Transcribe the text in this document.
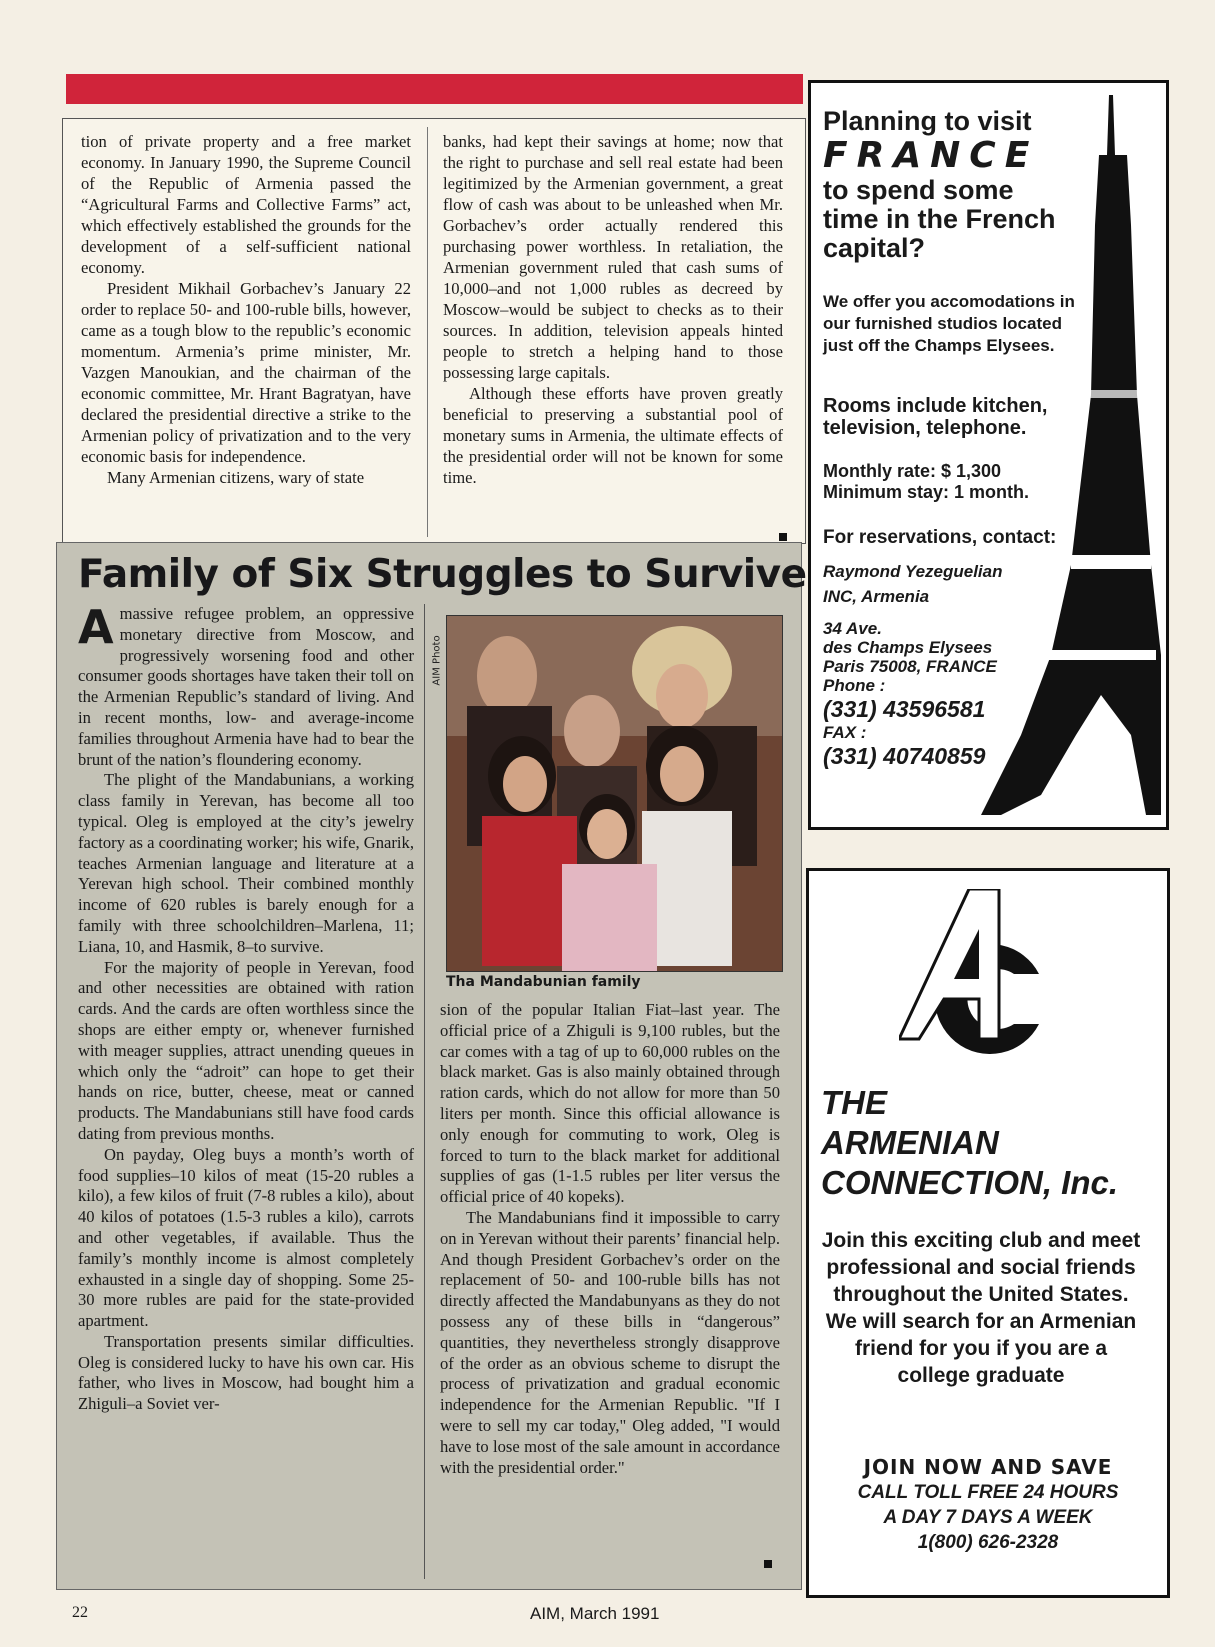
tion of private property and a free market economy. In January 1990, the Supreme Council of the Republic of Armenia passed the “Agricultural Farms and Collective Farms” act, which effectively established the grounds for the development of a self-sufficient national economy.

President Mikhail Gorbachev’s January 22 order to replace 50- and 100-ruble bills, however, came as a tough blow to the republic’s economic momentum. Armenia’s prime minister, Mr. Vazgen Manoukian, and the chairman of the economic committee, Mr. Hrant Bagratyan, have declared the presidential directive a strike to the Armenian policy of privatization and to the very economic basis for independence.

Many Armenian citizens, wary of state

banks, had kept their savings at home; now that the right to purchase and sell real estate had been legitimized by the Armenian government, a great flow of cash was about to be unleashed when Mr. Gorbachev’s order actually rendered this purchasing power worthless. In retaliation, the Armenian government ruled that cash sums of 10,000–and not 1,000 rubles as decreed by Moscow–would be subject to checks as to their sources. In addition, television appeals hinted people to stretch a helping hand to those possessing large capitals.

Although these efforts have proven greatly beneficial to preserving a substantial pool of monetary sums in Armenia, the ultimate effects of the presidential order will not be known for some time.

Family of Six Struggles to Survive

A massive refugee problem, an oppressive monetary directive from Moscow, and progressively worsening food and other consumer goods shortages have taken their toll on the Armenian Republic’s standard of living. And in recent months, low- and average-income families throughout Armenia have had to bear the brunt of the nation’s floundering economy.

The plight of the Mandabunians, a working class family in Yerevan, has become all too typical. Oleg is employed at the city’s jewelry factory as a coordinating worker; his wife, Gnarik, teaches Armenian language and literature at a Yerevan high school. Their combined monthly income of 620 rubles is barely enough for a family with three schoolchildren–Marlena, 11; Liana, 10, and Hasmik, 8–to survive.

For the majority of people in Yerevan, food and other necessities are obtained with ration cards. And the cards are often worthless since the shops are either empty or, whenever furnished with meager supplies, attract unending queues in which only the “adroit” can hope to get their hands on rice, butter, cheese, meat or canned products. The Mandabunians still have food cards dating from previous months.

On payday, Oleg buys a month’s worth of food supplies–10 kilos of meat (15-20 rubles a kilo), a few kilos of fruit (7-8 rubles a kilo), about 40 kilos of potatoes (1.5-3 rubles a kilo), carrots and other vegetables, if available. Thus the family’s monthly income is almost completely exhausted in a single day of shopping. Some 25-30 more rubles are paid for the state-provided apartment.

Transportation presents similar difficulties. Oleg is considered lucky to have his own car. His father, who lives in Moscow, had bought him a Zhiguli–a Soviet ver-

AIM Photo
Tha Mandabunian family

sion of the popular Italian Fiat–last year. The official price of a Zhiguli is 9,100 rubles, but the car comes with a tag of up to 60,000 rubles on the black market. Gas is also mainly obtained through ration cards, which do not allow for more than 50 liters per month. Since this official allowance is only enough for commuting to work, Oleg is forced to turn to the black market for additional supplies of gas (1-1.5 rubles per liter versus the official price of 40 kopeks).

The Mandabunians find it impossible to carry on in Yerevan without their parents’ financial help. And though President Gorbachev’s order on the replacement of 50- and 100-ruble bills has not directly affected the Mandabunyans as they do not possess any of these bills in “dangerous” quantities, they nevertheless strongly disapprove of the order as an obvious scheme to disrupt the process of privatization and gradual economic independence for the Armenian Republic. "If I were to sell my car today," Oleg added, "I would have to lose most of the sale amount in accordance with the presidential order."

Planning to visit
FRANCE
to spend some
time in the French
capital?
We offer you accomodations in our furnished studios located just off the Champs Elysees.
Rooms include kitchen, television, telephone.
Monthly rate: $ 1,300
Minimum stay: 1 month.
For reservations, contact:
Raymond Yezeguelian
INC, Armenia
34 Ave.
des Champs Elysees
Paris 75008, FRANCE
Phone :
(331) 43596581
FAX :
(331) 40740859
THE
ARMENIAN
CONNECTION, Inc.
Join this exciting club and meet professional and social friends throughout the United States. We will search for an Armenian friend for you if you are a college graduate
JOIN NOW AND SAVE
CALL TOLL FREE 24 HOURS
A DAY 7 DAYS A WEEK
1(800) 626-2328
22	AIM, March 1991
